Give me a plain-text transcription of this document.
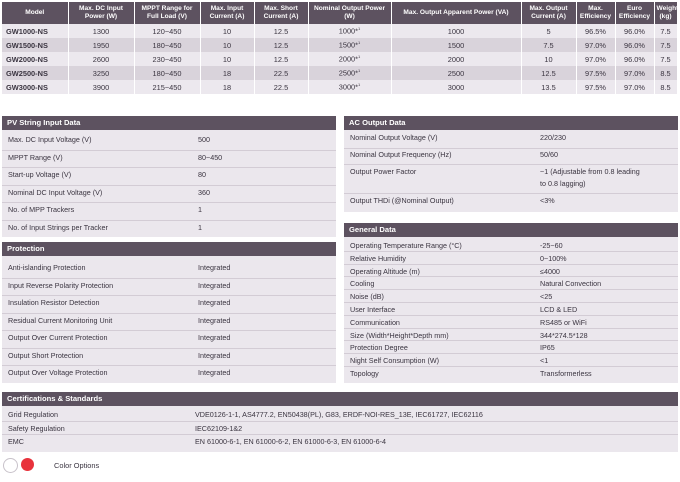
Model	Max. DC Input Power (W)	MPPT Range for Full Load (V)	Max. Input Current (A)	Max. Short Current (A)	Nominal Output Power (W)	Max. Output Apparent Power (VA)	Max. Output Current (A)	Max. Efficiency	Euro Efficiency	Weight (kg)
GW1000-NS	1300	120~450	10	12.5	1000*$^1$	1000	5	96.5%	96.0%	7.5
GW1500-NS	1950	180~450	10	12.5	1500*$^1$	1500	7.5	97.0%	96.0%	7.5
GW2000-NS	2600	230~450	10	12.5	2000*$^1$	2000	10	97.0%	96.0%	7.5
GW2500-NS	3250	180~450	18	22.5	2500*$^1$	2500	12.5	97.5%	97.0%	8.5
GW3000-NS	3900	215~450	18	22.5	3000*$^1$	3000	13.5	97.5%	97.0%	8.5
PV String Input Data
Max. DC Input Voltage (V)	500
MPPT Range (V)	80~450
Start-up Voltage (V)	80
Nominal DC Input Voltage (V)	360
No. of MPP Trackers	1
No. of Input Strings per Tracker	1
AC Output Data
Nominal Output Voltage (V)	220/230
Nominal Output Frequency (Hz)	50/60
Output Power Factor	~1 (Adjustable from 0.8 leading
to 0.8 lagging)
Output THDi (@Nominal Output)	<3%
Protection
Anti-islanding Protection	Integrated
Input Reverse Polarity Protection	Integrated
Insulation Resistor Detection	Integrated
Residual Current Monitoring Unit	Integrated
Output Over Current Protection	Integrated
Output Short Protection	Integrated
Output Over Voltage Protection	Integrated
General Data
Operating Temperature Range (°C)	-25~60
Relative Humidity	0~100%
Operating Altitude (m)	≤4000
Cooling	Natural Convection
Noise (dB)	<25
User Interface	LCD & LED
Communication	RS485 or WiFi
Size (Width*Height*Depth mm)	344*274.5*128
Protection Degree	IP65
Night Self Consumption (W)	<1
Topology	Transformerless
Certifications & Standards
Grid Regulation	VDE0126-1-1, AS4777.2, EN50438(PL), G83, ERDF-NOI-RES_13E, IEC61727, IEC62116
Safety Regulation	IEC62109-1&2
EMC	EN 61000-6-1, EN 61000-6-2, EN 61000-6-3, EN 61000-6-4
Color Options
